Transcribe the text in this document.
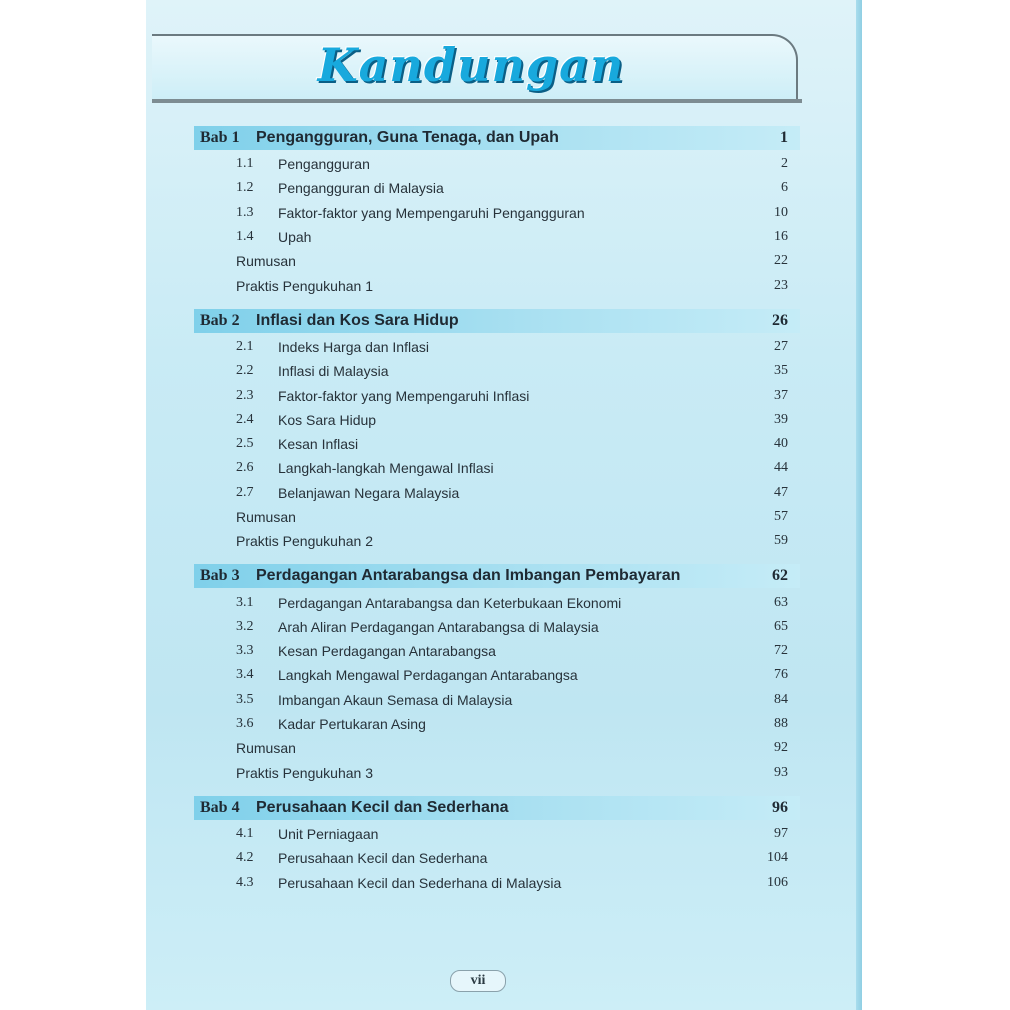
Kandungan
Bab 1	Pengangguran, Guna Tenaga, dan Upah	1
1.1	Pengangguran	2
1.2	Pengangguran di Malaysia	6
1.3	Faktor-faktor yang Mempengaruhi Pengangguran	10
1.4	Upah	16
Rumusan	22
Praktis Pengukuhan 1	23
Bab 2	Inflasi dan Kos Sara Hidup	26
2.1	Indeks Harga dan Inflasi	27
2.2	Inflasi di Malaysia	35
2.3	Faktor-faktor yang Mempengaruhi Inflasi	37
2.4	Kos Sara Hidup	39
2.5	Kesan Inflasi	40
2.6	Langkah-langkah Mengawal Inflasi	44
2.7	Belanjawan Negara Malaysia	47
Rumusan	57
Praktis Pengukuhan 2	59
Bab 3	Perdagangan Antarabangsa dan Imbangan Pembayaran	62
3.1	Perdagangan Antarabangsa dan Keterbukaan Ekonomi	63
3.2	Arah Aliran Perdagangan Antarabangsa di Malaysia	65
3.3	Kesan Perdagangan Antarabangsa	72
3.4	Langkah Mengawal Perdagangan Antarabangsa	76
3.5	Imbangan Akaun Semasa di Malaysia	84
3.6	Kadar Pertukaran Asing	88
Rumusan	92
Praktis Pengukuhan 3	93
Bab 4	Perusahaan Kecil dan Sederhana	96
4.1	Unit Perniagaan	97
4.2	Perusahaan Kecil dan Sederhana	104
4.3	Perusahaan Kecil dan Sederhana di Malaysia	106
vii
